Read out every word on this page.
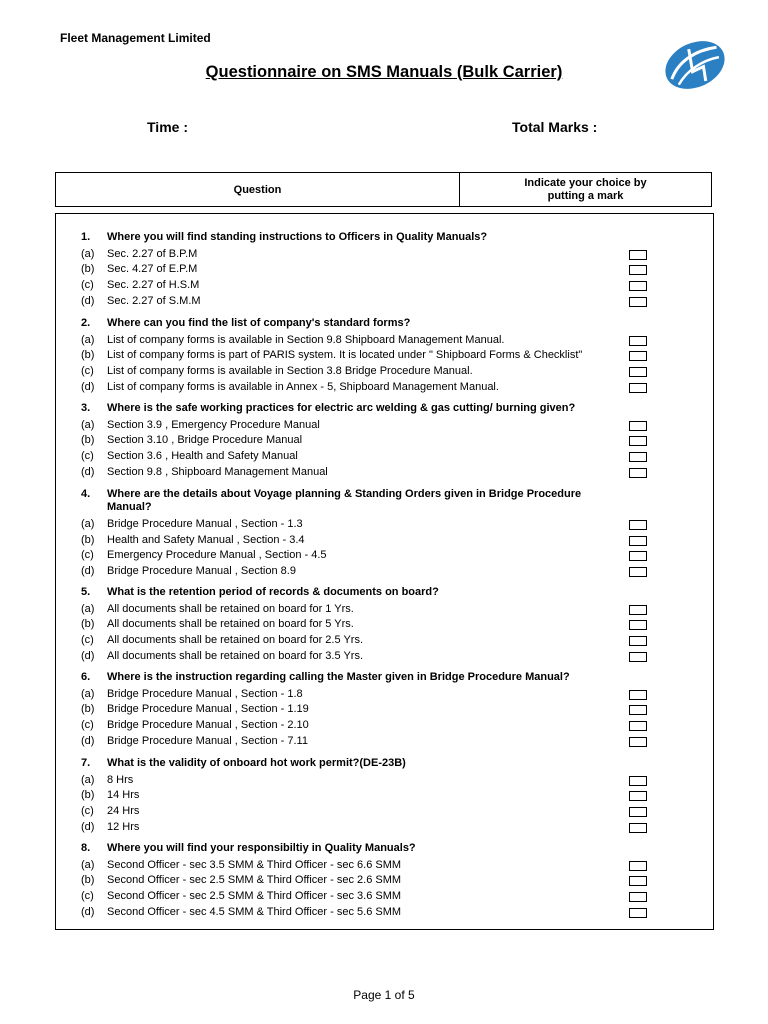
Fleet Management Limited
Questionnaire on SMS Manuals (Bulk Carrier)
Time :	Total Marks :
Question
Indicate your choice by
putting a mark
1. Where you will find standing instructions to Officers in Quality Manuals?
(a) Sec. 2.27 of B.P.M
(b) Sec. 4.27 of E.P.M
(c) Sec. 2.27 of H.S.M
(d) Sec. 2.27 of S.M.M
2. Where can you find the list of company's standard forms?
(a) List of company forms is available in Section 9.8 Shipboard Management Manual.
(b) List of company forms is part of PARIS system. It is located under " Shipboard Forms & Checklist"
(c) List of company forms is available in Section 3.8 Bridge Procedure Manual.
(d) List of company forms is available in Annex - 5, Shipboard Management Manual.
3. Where is the safe working practices for electric arc welding & gas cutting/ burning given?
(a) Section 3.9 , Emergency Procedure Manual
(b) Section 3.10 , Bridge Procedure Manual
(c) Section 3.6 , Health and Safety Manual
(d) Section 9.8 , Shipboard Management Manual
4. Where are the details about Voyage planning & Standing Orders given in Bridge Procedure Manual?
(a) Bridge Procedure Manual , Section - 1.3
(b) Health and Safety Manual , Section - 3.4
(c) Emergency Procedure Manual , Section - 4.5
(d) Bridge Procedure Manual , Section 8.9
5. What is the retention period of records & documents on board?
(a) All documents shall be retained on board for 1 Yrs.
(b) All documents shall be retained on board for 5 Yrs.
(c) All documents shall be retained on board for 2.5 Yrs.
(d) All documents shall be retained on board for 3.5 Yrs.
6. Where is the instruction regarding calling the Master given in Bridge Procedure Manual?
(a) Bridge Procedure Manual , Section - 1.8
(b) Bridge Procedure Manual , Section - 1.19
(c) Bridge Procedure Manual , Section - 2.10
(d) Bridge Procedure Manual , Section - 7.11
7. What is the validity of onboard hot work permit?(DE-23B)
(a) 8 Hrs
(b) 14 Hrs
(c) 24 Hrs
(d) 12 Hrs
8. Where you will find your responsibiltiy in Quality Manuals?
(a) Second Officer - sec 3.5 SMM & Third Officer - sec 6.6 SMM
(b) Second Officer - sec 2.5 SMM & Third Officer - sec 2.6 SMM
(c) Second Officer - sec 2.5 SMM & Third Officer - sec 3.6 SMM
(d) Second Officer - sec 4.5 SMM & Third Officer - sec 5.6 SMM
Page 1 of 5
